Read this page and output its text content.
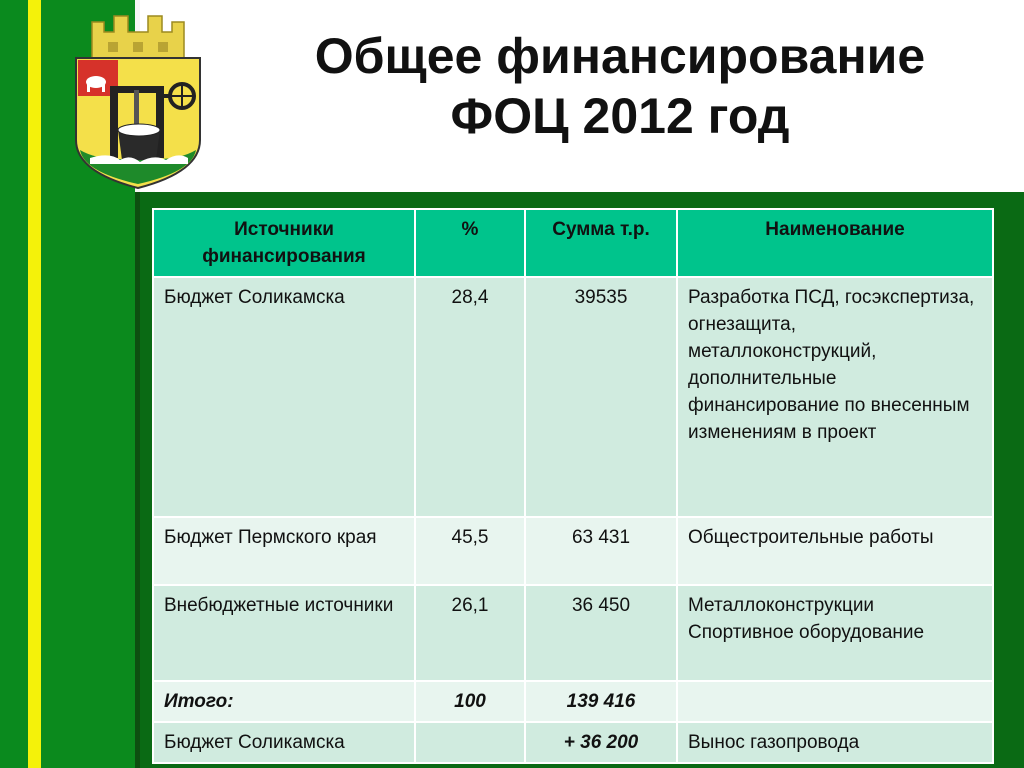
Общее финансирование
ФОЦ 2012 год
Источники финансирования	%	Сумма т.р.	Наименование
Бюджет Соликамска	28,4	39535	Разработка ПСД, госэкспертиза, огнезащита, металлоконструкций, дополнительные финансирование по внесенным изменениям в проект
Бюджет Пермского края	45,5	63 431	Общестроительные работы
Внебюджетные источники	26,1	36 450	Металлоконструкции Спортивное оборудование
Итого:	100	139 416	
Бюджет Соликамска		+ 36 200	Вынос газопровода
